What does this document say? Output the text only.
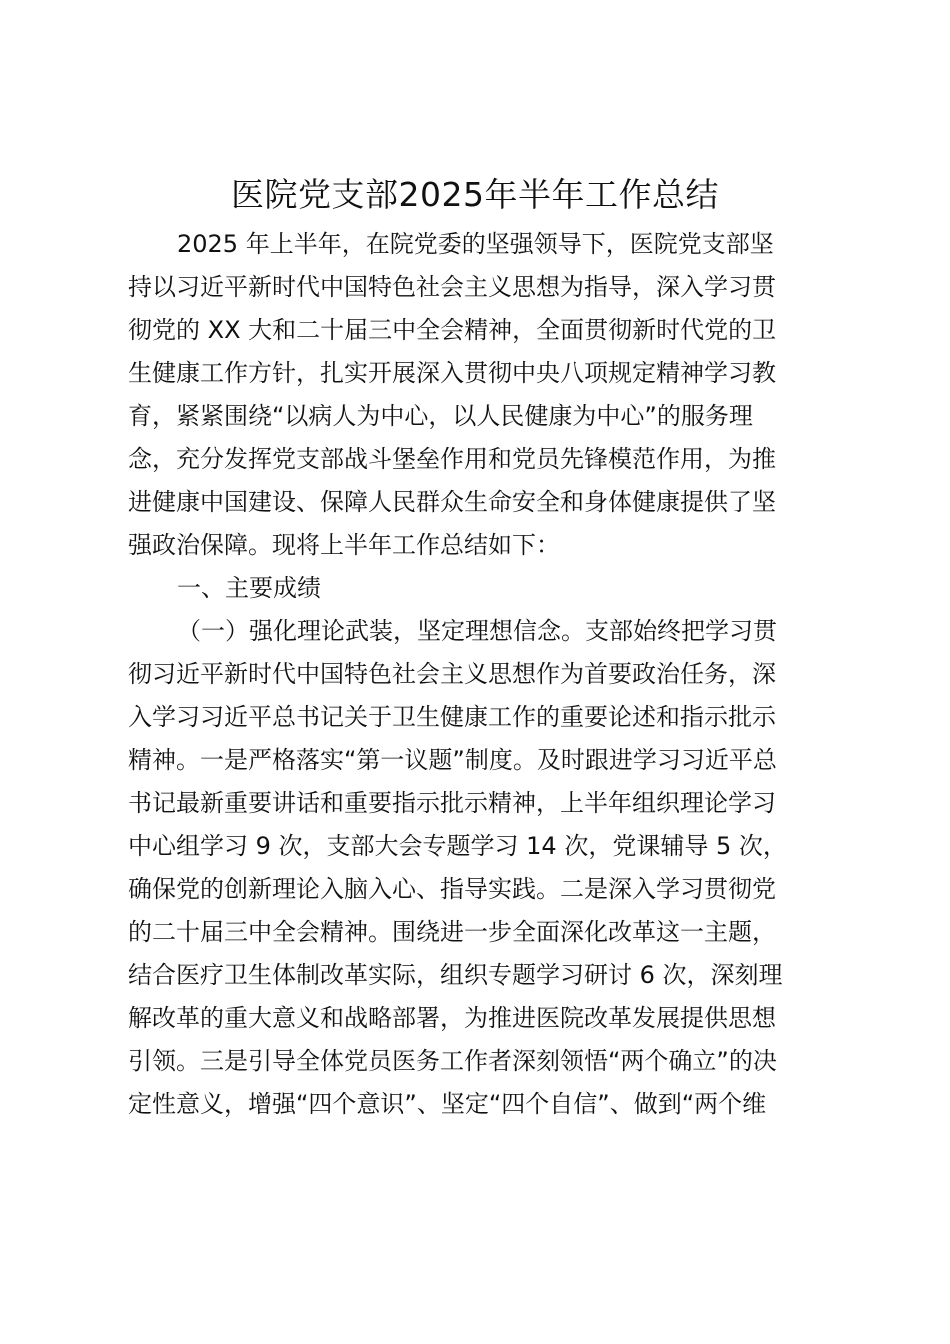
医院党支部2025年半年工作总结
2025 年上半年，在院党委的坚强领导下，医院党支部坚
持以习近平新时代中国特色社会主义思想为指导，深入学习贯
彻党的 XX 大和二十届三中全会精神，全面贯彻新时代党的卫
生健康工作方针，扎实开展深入贯彻中央八项规定精神学习教
育，紧紧围绕“以病人为中心，以人民健康为中心”的服务理
念，充分发挥党支部战斗堡垒作用和党员先锋模范作用，为推
进健康中国建设、保障人民群众生命安全和身体健康提供了坚
强政治保障。现将上半年工作总结如下：
一、主要成绩
（一）强化理论武装，坚定理想信念。支部始终把学习贯
彻习近平新时代中国特色社会主义思想作为首要政治任务，深
入学习习近平总书记关于卫生健康工作的重要论述和指示批示
精神。一是严格落实“第一议题”制度。及时跟进学习习近平总
书记最新重要讲话和重要指示批示精神，上半年组织理论学习
中心组学习 9 次，支部大会专题学习 14 次，党课辅导 5 次，
确保党的创新理论入脑入心、指导实践。二是深入学习贯彻党
的二十届三中全会精神。围绕进一步全面深化改革这一主题，
结合医疗卫生体制改革实际，组织专题学习研讨 6 次，深刻理
解改革的重大意义和战略部署，为推进医院改革发展提供思想
引领。三是引导全体党员医务工作者深刻领悟“两个确立”的决
定性意义，增强“四个意识”、坚定“四个自信”、做到“两个维
